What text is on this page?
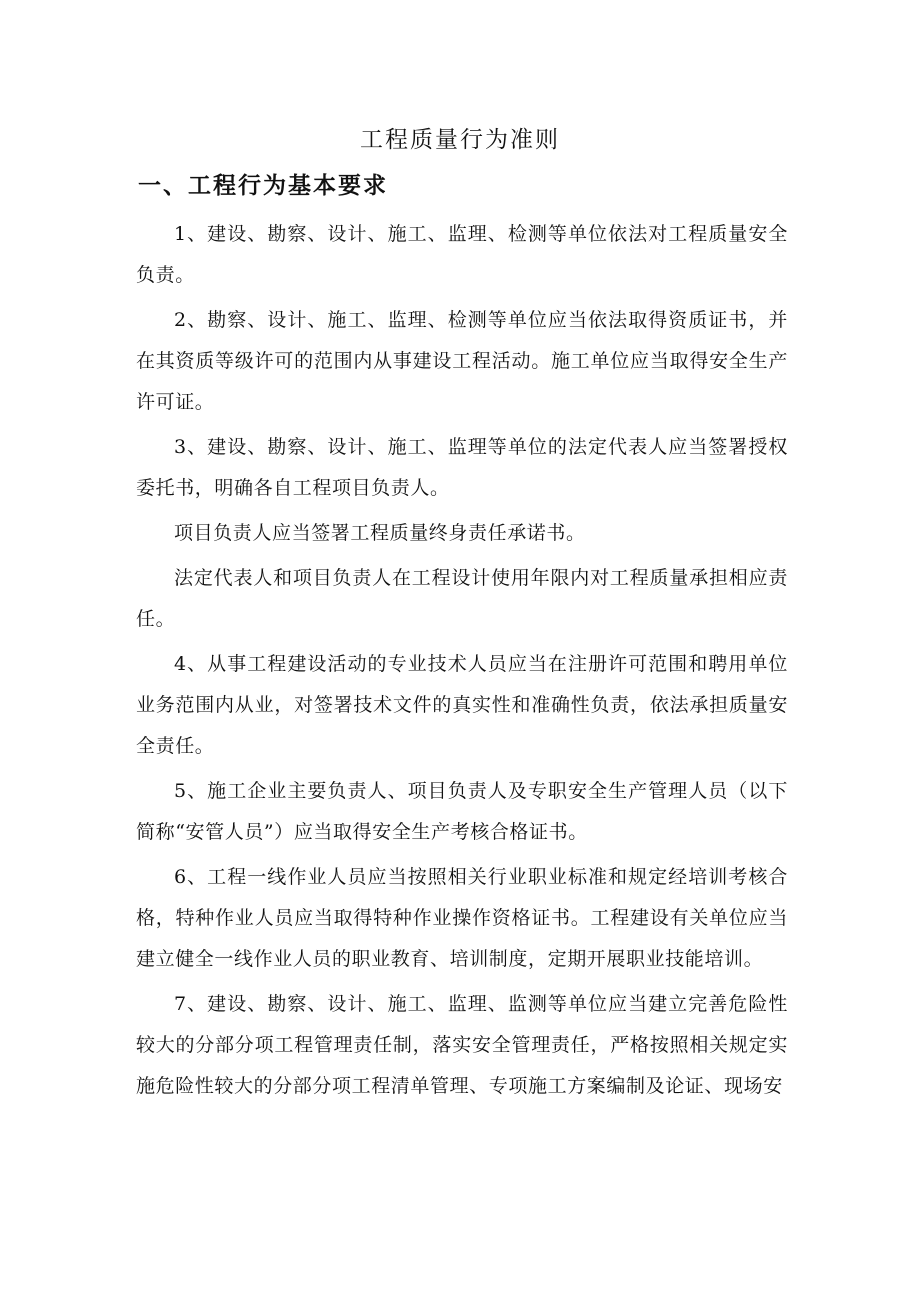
工程质量行为准则
一、工程行为基本要求

1、建设、勘察、设计、施工、监理、检测等单位依法对工程质量安全负责。

2、勘察、设计、施工、监理、检测等单位应当依法取得资质证书，并在其资质等级许可的范围内从事建设工程活动。施工单位应当取得安全生产许可证。

3、建设、勘察、设计、施工、监理等单位的法定代表人应当签署授权委托书，明确各自工程项目负责人。

项目负责人应当签署工程质量终身责任承诺书。

法定代表人和项目负责人在工程设计使用年限内对工程质量承担相应责任。

4、从事工程建设活动的专业技术人员应当在注册许可范围和聘用单位业务范围内从业，对签署技术文件的真实性和准确性负责，依法承担质量安全责任。

5、施工企业主要负责人、项目负责人及专职安全生产管理人员（以下简称“安管人员”）应当取得安全生产考核合格证书。

6、工程一线作业人员应当按照相关行业职业标准和规定经培训考核合格，特种作业人员应当取得特种作业操作资格证书。工程建设有关单位应当建立健全一线作业人员的职业教育、培训制度，定期开展职业技能培训。

7、建设、勘察、设计、施工、监理、监测等单位应当建立完善危险性较大的分部分项工程管理责任制，落实安全管理责任，严格按照相关规定实施危险性较大的分部分项工程清单管理、专项施工方案编制及论证、现场安
